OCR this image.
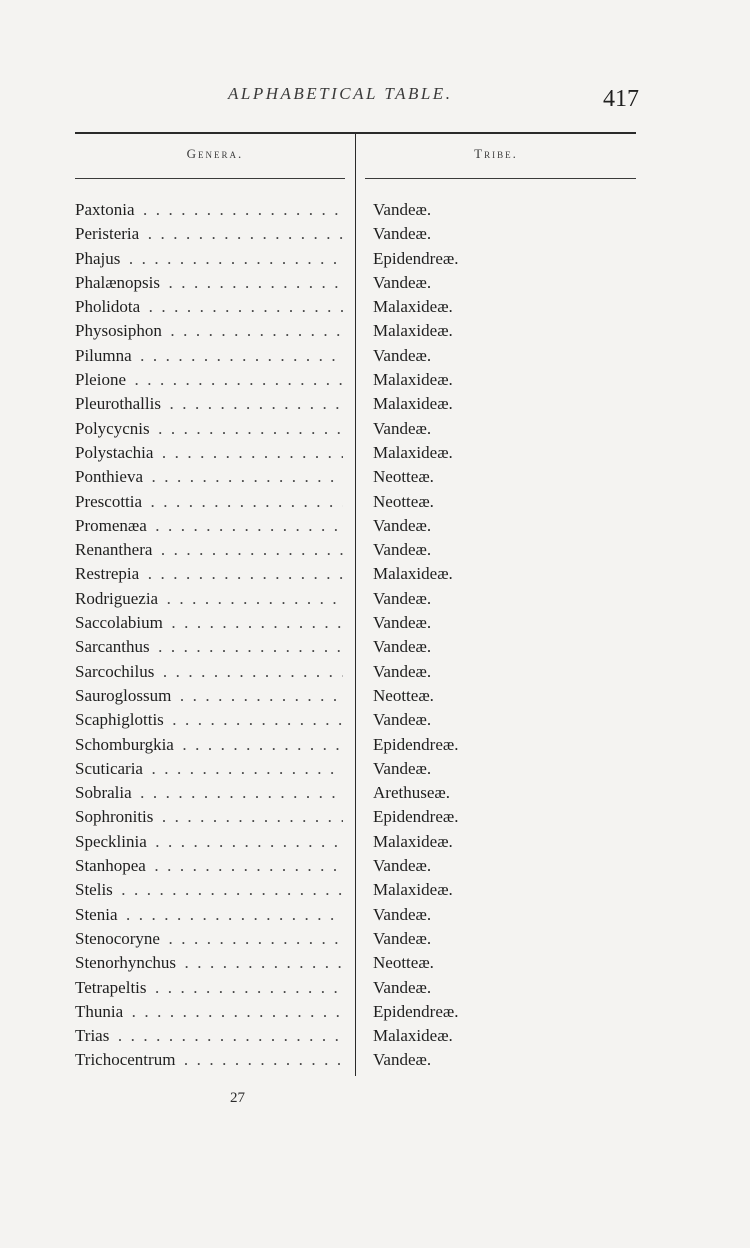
ALPHABETICAL TABLE.	417
Genera.	Tribe.
Paxtonia . .	Vandeæ.
Peristeria . .	Vandeæ.
Phajus . .	Epidendreæ.
Phalænopsis . .	Vandeæ.
Pholidota . .	Malaxideæ.
Physosiphon . .	Malaxideæ.
Pilumna . .	Vandeæ.
Pleione . .	Malaxideæ.
Pleurothallis . .	Malaxideæ.
Polycycnis . .	Vandeæ.
Polystachia . .	Malaxideæ.
Ponthieva . .	Neotteæ.
Prescottia . .	Neotteæ.
Promenæa . .	Vandeæ.
Renanthera . .	Vandeæ.
Restrepia . .	Malaxideæ.
Rodriguezia . .	Vandeæ.
Saccolabium . .	Vandeæ.
Sarcanthus . .	Vandeæ.
Sarcochilus . .	Vandeæ.
Sauroglossum . .	Neotteæ.
Scaphiglottis . .	Vandeæ.
Schomburgkia . .	Epidendreæ.
Scuticaria . .	Vandeæ.
Sobralia . .	Arethuseæ.
Sophronitis . .	Epidendreæ.
Specklinia . .	Malaxideæ.
Stanhopea . .	Vandeæ.
Stelis . .	Malaxideæ.
Stenia . .	Vandeæ.
Stenocoryne . .	Vandeæ.
Stenorhynchus . .	Neotteæ.
Tetrapeltis . .	Vandeæ.
Thunia . .	Epidendreæ.
Trias . .	Malaxideæ.
Trichocentrum . .	Vandeæ.
27
